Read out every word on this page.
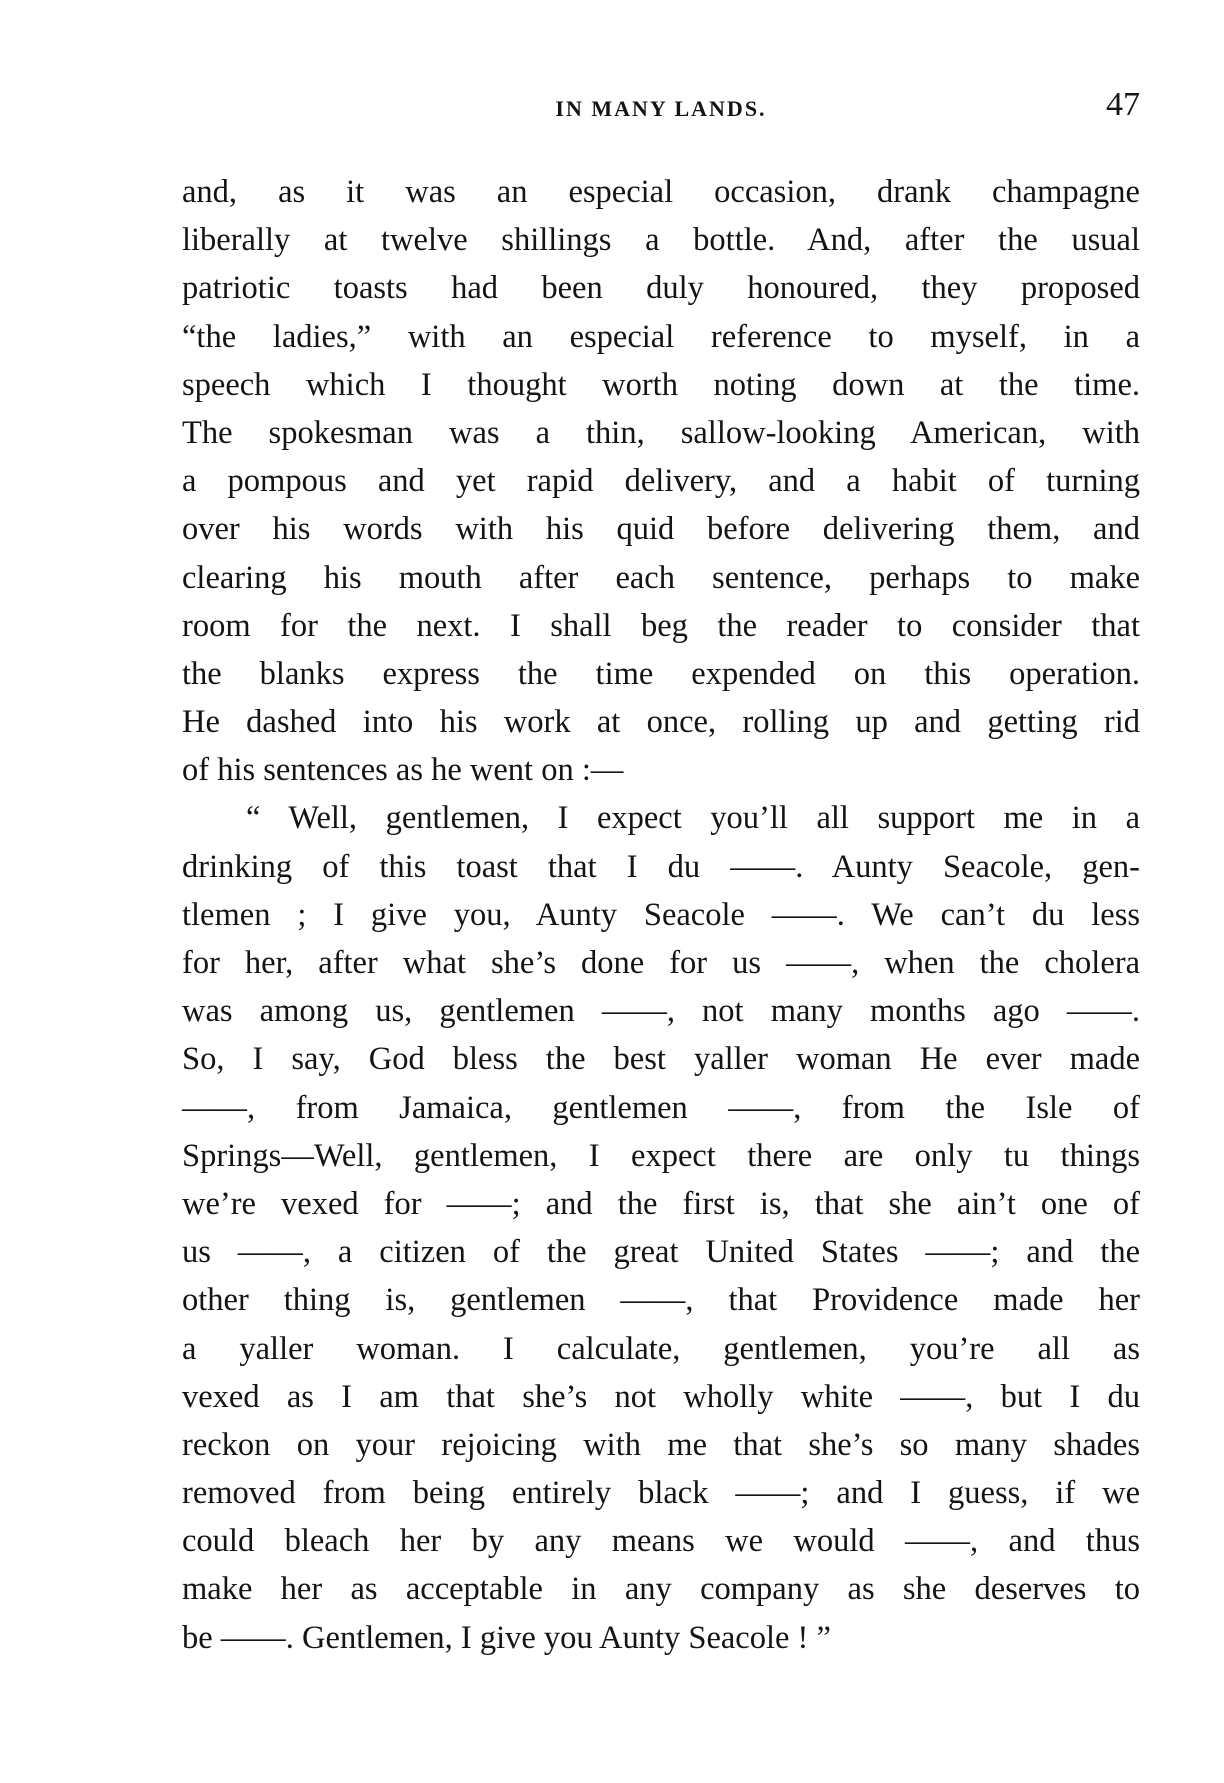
IN MANY LANDS.	47
and, as it was an especial occasion, drank champagne
liberally at twelve shillings a bottle. And, after the usual
patriotic toasts had been duly honoured, they proposed
“the ladies,” with an especial reference to myself, in a
speech which I thought worth noting down at the time.
The spokesman was a thin, sallow-looking American, with
a pompous and yet rapid delivery, and a habit of turning
over his words with his quid before delivering them, and
clearing his mouth after each sentence, perhaps to make
room for the next. I shall beg the reader to consider that
the blanks express the time expended on this operation.
He dashed into his work at once, rolling up and getting rid
of his sentences as he went on :—
“ Well, gentlemen, I expect you’ll all support me in a
drinking of this toast that I du ——. Aunty Seacole, gen-
tlemen ; I give you, Aunty Seacole ——. We can’t du less
for her, after what she’s done for us ——, when the cholera
was among us, gentlemen ——, not many months ago ——.
So, I say, God bless the best yaller woman He ever made
——, from Jamaica, gentlemen ——, from the Isle of
Springs—Well, gentlemen, I expect there are only tu things
we’re vexed for ——; and the first is, that she ain’t one of
us ——, a citizen of the great United States ——; and the
other thing is, gentlemen ——, that Providence made her
a yaller woman. I calculate, gentlemen, you’re all as
vexed as I am that she’s not wholly white ——, but I du
reckon on your rejoicing with me that she’s so many shades
removed from being entirely black ——; and I guess, if we
could bleach her by any means we would ——, and thus
make her as acceptable in any company as she deserves to
be ——. Gentlemen, I give you Aunty Seacole ! ”
